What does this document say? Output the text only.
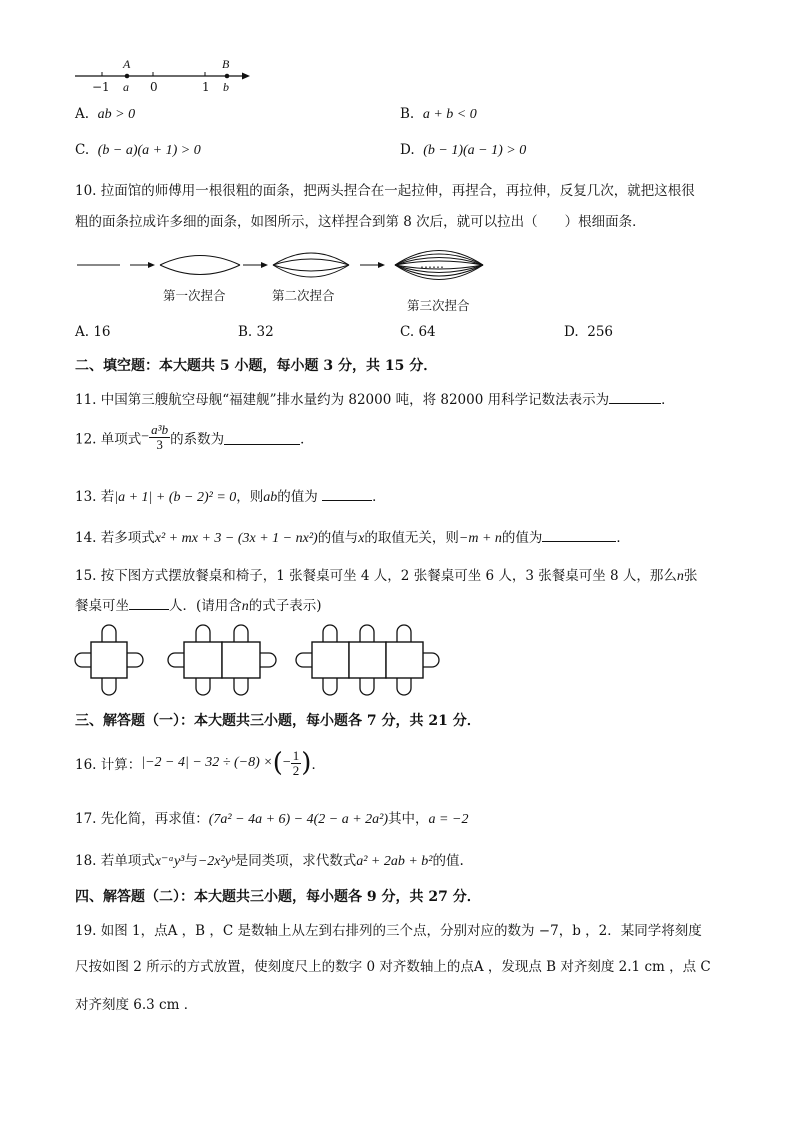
A	B
−1 a 0	1 b
A. ab > 0	B. a + b < 0
C. (b − a)(a + 1) > 0	D. (b − 1)(a − 1) > 0
10. 拉面馆的师傅用一根很粗的面条，把两头捏合在一起拉伸，再捏合，再拉伸，反复几次，就把这根很
粗的面条拉成许多细的面条，如图所示，这样捏合到第 8 次后，就可以拉出（　　）根细面条．
……
第一次捏合	第二次捏合
第三次捏合
A. 16	B. 32	C. 64	D. 256
二、填空题：本大题共 5 小题，每小题 3 分，共 15 分．
11. 中国第三艘航空母舰“福建舰”排水量约为 82000 吨，将 82000 用科学记数法表示为	．
12. 单项式− $\frac{\text{a³b}}{3}$ 的系数为	．
13. 若|a + 1| + (b − 2)² = 0，则ab的值为	．
14. 若多项式x² + mx + 3 − (3x + 1 − nx²)的值与x的取值无关，则−m + n的值为	．
15. 按下图方式摆放餐桌和椅子，1 张餐桌可坐 4 人，2 张餐桌可坐 6 人，3 张餐桌可坐 8 人，那么n张
餐桌可坐	人．(请用含n的式子表示)
三、解答题（一）：本大题共三小题，每小题各 7 分，共 21 分．
16. 计算：|−2 − 4| − 32 ÷ (−8) ×(− $\frac{1}{2}$ )．
17. 先化简，再求值：(7a² − 4a + 6) − 4(2 − a + 2a²)其中，a = −2
18. 若单项式x⁻ᵃy³与−2x²yᵇ是同类项，求代数式a² + 2ab + b²的值.
四、解答题（二）：本大题共三小题，每小题各 9 分，共 27 分．
19. 如图 1，点A ，B ，C 是数轴上从左到右排列的三个点，分别对应的数为 −7，b ，2．某同学将刻度
尺按如图 2 所示的方式放置，使刻度尺上的数字 0 对齐数轴上的点A ，发现点 B 对齐刻度 2.1 cm ，点 C
对齐刻度 6.3 cm ．
